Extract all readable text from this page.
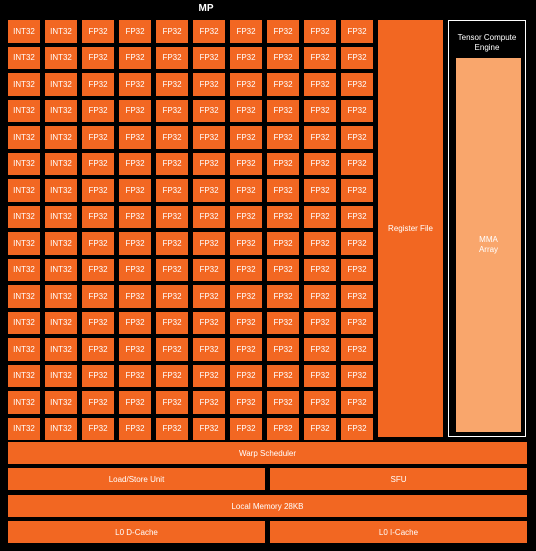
MP
INT32	INT32	FP32	FP32	FP32	FP32	FP32	FP32	FP32	FP32
INT32	INT32	FP32	FP32	FP32	FP32	FP32	FP32	FP32	FP32
INT32	INT32	FP32	FP32	FP32	FP32	FP32	FP32	FP32	FP32
INT32	INT32	FP32	FP32	FP32	FP32	FP32	FP32	FP32	FP32
INT32	INT32	FP32	FP32	FP32	FP32	FP32	FP32	FP32	FP32
INT32	INT32	FP32	FP32	FP32	FP32	FP32	FP32	FP32	FP32
INT32	INT32	FP32	FP32	FP32	FP32	FP32	FP32	FP32	FP32
INT32	INT32	FP32	FP32	FP32	FP32	FP32	FP32	FP32	FP32
INT32	INT32	FP32	FP32	FP32	FP32	FP32	FP32	FP32	FP32
INT32	INT32	FP32	FP32	FP32	FP32	FP32	FP32	FP32	FP32
INT32	INT32	FP32	FP32	FP32	FP32	FP32	FP32	FP32	FP32
INT32	INT32	FP32	FP32	FP32	FP32	FP32	FP32	FP32	FP32
INT32	INT32	FP32	FP32	FP32	FP32	FP32	FP32	FP32	FP32
INT32	INT32	FP32	FP32	FP32	FP32	FP32	FP32	FP32	FP32
INT32	INT32	FP32	FP32	FP32	FP32	FP32	FP32	FP32	FP32
INT32	INT32	FP32	FP32	FP32	FP32	FP32	FP32	FP32	FP32
Register File
Tensor Compute
Engine
MMA
Array
Warp Scheduler
Load/Store Unit	SFU
Local Memory 28KB
L0 D-Cache	L0 I-Cache
